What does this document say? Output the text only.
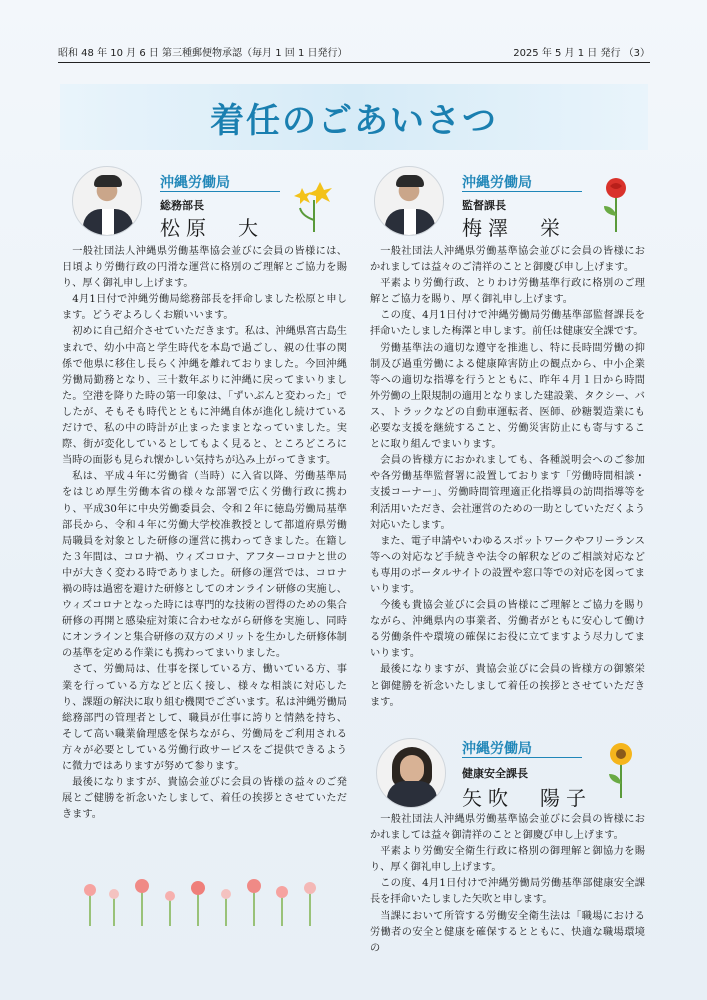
昭和 48 年 10 月 6 日 第三種郵便物承認（毎月 1 回 1 日発行）	2025 年 5 月 1 日 発行 （3）
着任のごあいさつ
沖縄労働局
総務部長
松原　大

一般社団法人沖縄県労働基準協会並びに会員の皆様には、日頃より労働行政の円滑な運営に格別のご理解とご協力を賜り、厚く御礼申し上げます。

4月1日付で沖縄労働局総務部長を拝命しました松原と申します。どうぞよろしくお願いいます。

初めに自己紹介させていただきます。私は、沖縄県宮古島生まれで、幼小中高と学生時代を本島で過ごし、親の仕事の関係で他県に移住し長らく沖縄を離れておりました。今回沖縄労働局勤務となり、三十数年ぶりに沖縄に戻ってまいりました。空港を降りた時の第一印象は、「ずいぶんと変わった」でしたが、そもそも時代とともに沖縄自体が進化し続けているだけで、私の中の時計が止まったままとなっていました。実際、街が変化しているとしてもよく見ると、ところどころに当時の面影も見られ懐かしい気持ちが込み上がってきます。

私は、平成４年に労働省（当時）に入省以降、労働基準局をはじめ厚生労働本省の様々な部署で広く労働行政に携わり、平成30年に中央労働委員会、令和２年に徳島労働局基準部長から、令和４年に労働大学校准教授として都道府県労働局職員を対象とした研修の運営に携わってきました。在籍した３年間は、コロナ禍、ウィズコロナ、アフターコロナと世の中が大きく変わる時でありました。研修の運営では、コロナ禍の時は過密を避けた研修としてのオンライン研修の実施し、ウィズコロナとなった時には専門的な技術の習得のための集合研修の再開と感染症対策に合わせながら研修を実施し、同時にオンラインと集合研修の双方のメリットを生かした研修体制の基準を定める作業にも携わってまいりました。

さて、労働局は、仕事を探している方、働いている方、事業を行っている方などと広く接し、様々な相談に対応したり、課題の解決に取り組む機関でございます。私は沖縄労働局総務部門の管理者として、職員が仕事に誇りと情熱を持ち、そして高い職業倫理感を保ちながら、労働局をご利用される方々が必要としている労働行政サービスをご提供できるように微力ではありますが努めて参ります。

最後になりますが、貴協会並びに会員の皆様の益々のご発展とご健勝を祈念いたしまして、着任の挨拶とさせていただきます。

沖縄労働局
監督課長
梅澤　栄

一般社団法人沖縄県労働基準協会並びに会員の皆様におかれましては益々のご清祥のことと御慶び申し上げます。

平素より労働行政、とりわけ労働基準行政に格別のご理解とご協力を賜り、厚く御礼申し上げます。

この度、4月1日付けで沖縄労働局労働基準部監督課長を拝命いたしました梅澤と申します。前任は健康安全課です。

労働基準法の適切な遵守を推進し、特に長時間労働の抑制及び過重労働による健康障害防止の観点から、中小企業等への適切な指導を行うとともに、昨年４月１日から時間外労働の上限規制の適用となりました建設業、タクシー、バス、トラックなどの自動車運転者、医師、砂糖製造業にも必要な支援を継続すること、労働災害防止にも寄与することに取り組んでまいります。

会員の皆様方におかれましても、各種説明会へのご参加や各労働基準監督署に設置しております「労働時間相談・支援コーナー」、労働時間管理適正化指導員の訪問指導等を利活用いただき、会社運営のための一助としていただくよう対応いたします。

また、電子申請やいわゆるスポットワークやフリーランス等への対応など手続きや法令の解釈などのご相談対応なども専用のポータルサイトの設置や窓口等での対応を図ってまいります。

今後も貴協会並びに会員の皆様にご理解とご協力を賜りながら、沖縄県内の事業者、労働者がともに安心して働ける労働条件や環境の確保にお役に立てますよう尽力してまいります。

最後になりますが、貴協会並びに会員の皆様方の御繁栄と御健勝を祈念いたしまして着任の挨拶とさせていただきます。

沖縄労働局
健康安全課長
矢吹　陽子

一般社団法人沖縄県労働基準協会並びに会員の皆様におかれましては益々御清祥のことと御慶び申し上げます。

平素より労働安全衛生行政に格別の御理解と御協力を賜り、厚く御礼申し上げます。

この度、4月1日付けで沖縄労働局労働基準部健康安全課長を拝命いたしました矢吹と申します。

当課において所管する労働安全衛生法は「職場における労働者の安全と健康を確保するとともに、快適な職場環境の
